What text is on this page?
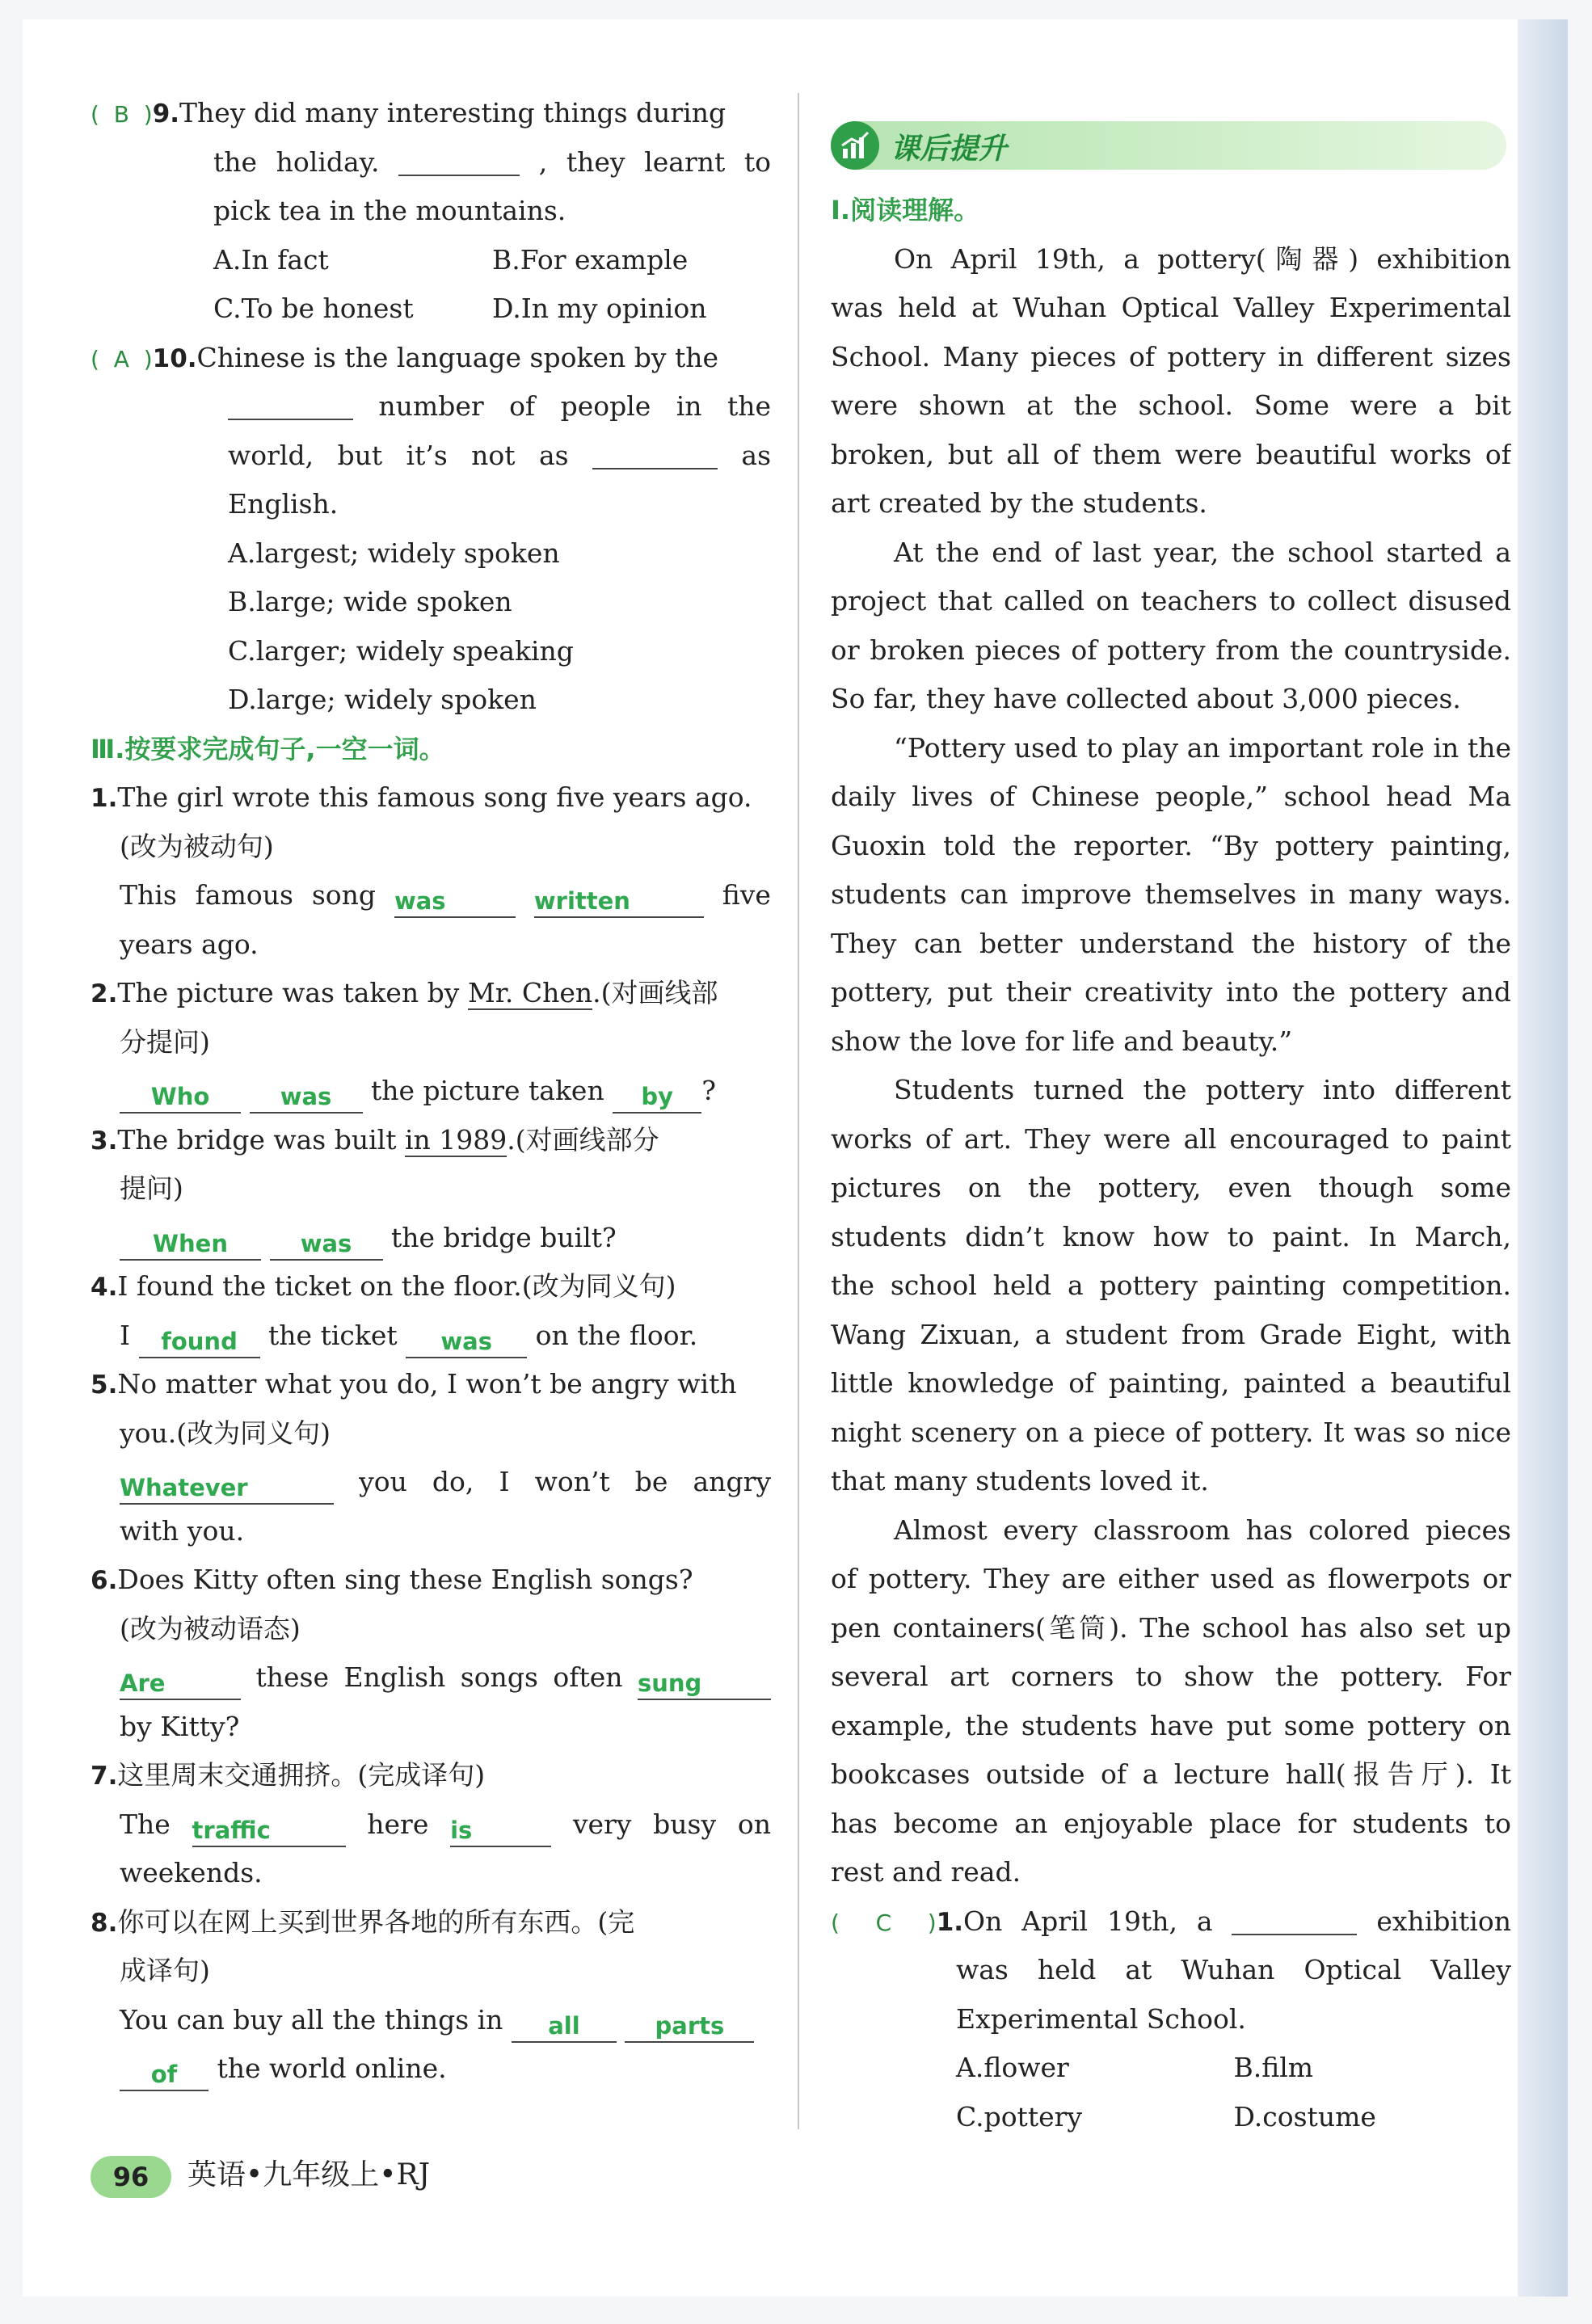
(  B  )9.They did many interesting things during
the holiday.	, they learnt to
pick tea in the mountains.
A.In fact	B.For example
C.To be honest	D.In my opinion
(  A  )10.Chinese is the language spoken by the
number of people in the
world, but it’s not as	as
English.
A.largest; widely spoken
B.large; wide spoken
C.larger; widely speaking
D.large; widely spoken
Ⅲ.按要求完成句子,一空一词。
1.The girl wrote this famous song five years ago.
(改为被动句)
This famous song was	written	five
years ago.
2.The picture was taken by Mr. Chen.(对画线部
分提问)
Who	was the picture taken by ?
3.The bridge was built in 1989.(对画线部分
提问)
When	was the bridge built?
4.I found the ticket on the floor.(改为同义句)
I found the ticket was on the floor.
5.No matter what you do, I won’t be angry with
you.(改为同义句)
Whatever	you do, I won’t be angry
with you.
6.Does Kitty often sing these English songs?
(改为被动语态)
Are	these English songs often sung
by Kitty?
7.这里周末交通拥挤。(完成译句)
The traffic	here is	very busy on
weekends.
8.你可以在网上买到世界各地的所有东西。(完
成译句)
You can buy all the things in all	parts
of the world online.
课后提升
Ⅰ.阅读理解。
On April 19th, a pottery(陶器) exhibition
was held at Wuhan Optical Valley Experimental
School. Many pieces of pottery in different sizes
were shown at the school. Some were a bit
broken, but all of them were beautiful works of
art created by the students.
At the end of last year, the school started a
project that called on teachers to collect disused
or broken pieces of pottery from the countryside.
So far, they have collected about 3,000 pieces.
“Pottery used to play an important role in the
daily lives of Chinese people,” school head Ma
Guoxin told the reporter. “By pottery painting,
students can improve themselves in many ways.
They can better understand the history of the
pottery, put their creativity into the pottery and
show the love for life and beauty.”
Students turned the pottery into different
works of art. They were all encouraged to paint
pictures on the pottery, even though some
students didn’t know how to paint. In March,
the school held a pottery painting competition.
Wang Zixuan, a student from Grade Eight, with
little knowledge of painting, painted a beautiful
night scenery on a piece of pottery. It was so nice
that many students loved it.
Almost every classroom has colored pieces
of pottery. They are either used as flowerpots or
pen containers(笔筒). The school has also set up
several art corners to show the pottery. For
example, the students have put some pottery on
bookcases outside of a lecture hall(报告厅). It
has become an enjoyable place for students to
rest and read.
(  C  )1.On April 19th, a	exhibition
was held at Wuhan Optical Valley
Experimental School.
A.flower	B.film
C.pottery	D.costume
96 英语•九年级上•RJ
